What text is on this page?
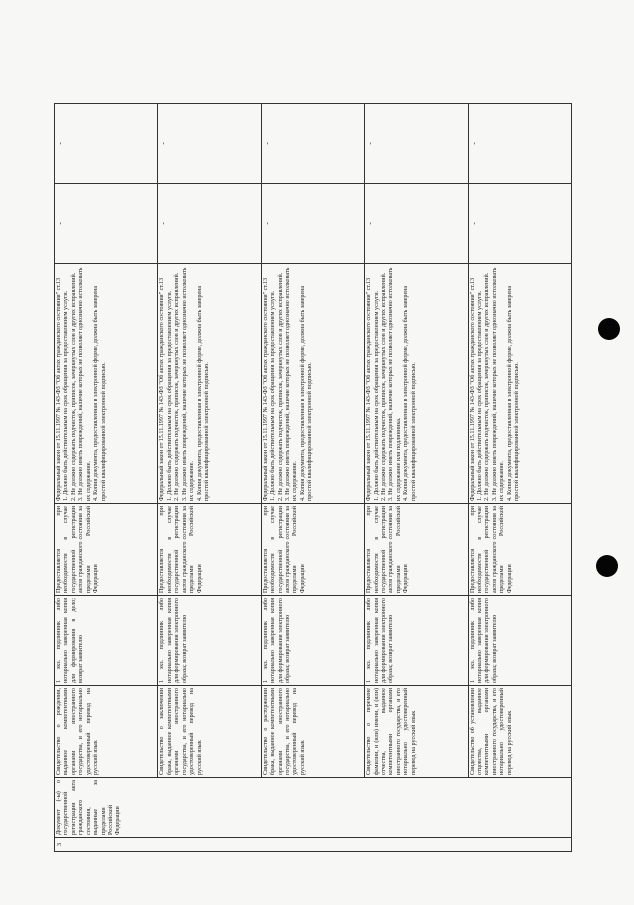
3	Документ (-ы) о государственной регистрации акта гражданского состояния, выданные за пределами Российской Федерации	Свидетельство о рождении, выданное компетентными органами иностранного государства, и его нотариально удостоверенный перевод на русский язык	1 экз. подлинник либо нотариально заверенная копия для формирования в дело; возврат заявителю	Предоставляется при необходимости в случае государственной регистрации актов гражданского состояния за пределами Российской Федерации	Федеральный закон от 15.11.1997 № 143-ФЗ "Об актах гражданского состояния" ст.13 1. Должно быть действительным на срок обращения за предоставлением услуги. 2. Не должно содержать подчисток, приписок, зачеркнутых слов и других исправлений. 3. Не должно иметь повреждений, наличие которых не позволяет однозначно истолковать их содержание. 4. Копия документа, предоставленная в электронной форме, должна быть заверена простой квалифицированной электронной подписью.	-	-
		Свидетельство о заключении брака, выданное компетентными органами иностранного государства, и его нотариально удостоверенный перевод на русский язык	1 экз. подлинник либо нотариально заверенная копия для формирования электронного образа; возврат заявителю	Предоставляется при необходимости в случае государственной регистрации актов гражданского состояния за пределами Российской Федерации	Федеральный закон от 15.11.1997 № 143-ФЗ "Об актах гражданского состояния" ст.13 1. Должно быть действительным на срок обращения за предоставлением услуги. 2. Не должно содержать подчисток, приписок, зачеркнутых слов и других исправлений. 3. Не должно иметь повреждений, наличие которых не позволяет однозначно истолковать их содержание. 4. Копия документа, предоставленная в электронной форме, должна быть заверена простой квалифицированной электронной подписью.	-	-
		Свидетельство о расторжении брака, выданное компетентными органами иностранного государства, и его нотариально удостоверенный перевод на русский язык	1 экз. подлинник либо нотариально заверенная копия для формирования электронного образа; возврат заявителю	Предоставляется при необходимости в случае государственной регистрации актов гражданского состояния за пределами Российской Федерации	Федеральный закон от 15.11.1997 № 143-ФЗ "Об актах гражданского состояния" ст.13 1. Должно быть действительным на срок обращения за предоставлением услуги. 2. Не должно содержать подчисток, приписок, зачеркнутых слов и других исправлений. 3. Не должно иметь повреждений, наличие которых не позволяет однозначно истолковать их содержание. 4. Копия документа, предоставленная в электронной форме, должна быть заверена простой квалифицированной электронной подписью.	-	-
		Свидетельство о перемене фамилии, и (или) имени, и (или) отчества, выданное компетентными органами иностранного государства, и его нотариально удостоверенный перевод на русский язык	1 экз. подлинник либо нотариально заверенная копия для формирования электронного образа; возврат заявителю	Предоставляется при необходимости в случае государственной регистрации актов гражданского состояния за пределами Российской Федерации	Федеральный закон от 15.11.1997 № 143-ФЗ "Об актах гражданского состояния" ст.13 1. Должно быть действительным на срок обращения за предоставлением услуги. 2. Не должно содержать подчисток, приписок, зачеркнутых слов и других исправлений. 3. Не должно иметь повреждений, наличие которых не позволяет однозначно истолковать их содержание или подлинника. 4. Копия документа, предоставленная в электронной форме, должна быть заверена простой квалифицированной электронной подписью.	-	-
		Свидетельство об установлении отцовства, выданное компетентными органами иностранного государства, и его нотариально удостоверенный перевод на русский язык	1 экз. подлинник либо нотариально заверенная копия для формирования электронного образа; возврат заявителю	Предоставляется при необходимости в случае государственной регистрации актов гражданского состояния за пределами Российской Федерации	Федеральный закон от 15.11.1997 № 143-ФЗ "Об актах гражданского состояния" ст.13 1. Должно быть действительным на срок обращения за предоставлением услуги. 2. Не должно содержать подчисток, приписок, зачеркнутых слов и других исправлений. 3. Не должно иметь повреждений, наличие которых не позволяет однозначно истолковать их содержание. 4. Копия документа, предоставленная в электронной форме, должна быть заверена простой квалифицированной электронной подписью.	-	-
